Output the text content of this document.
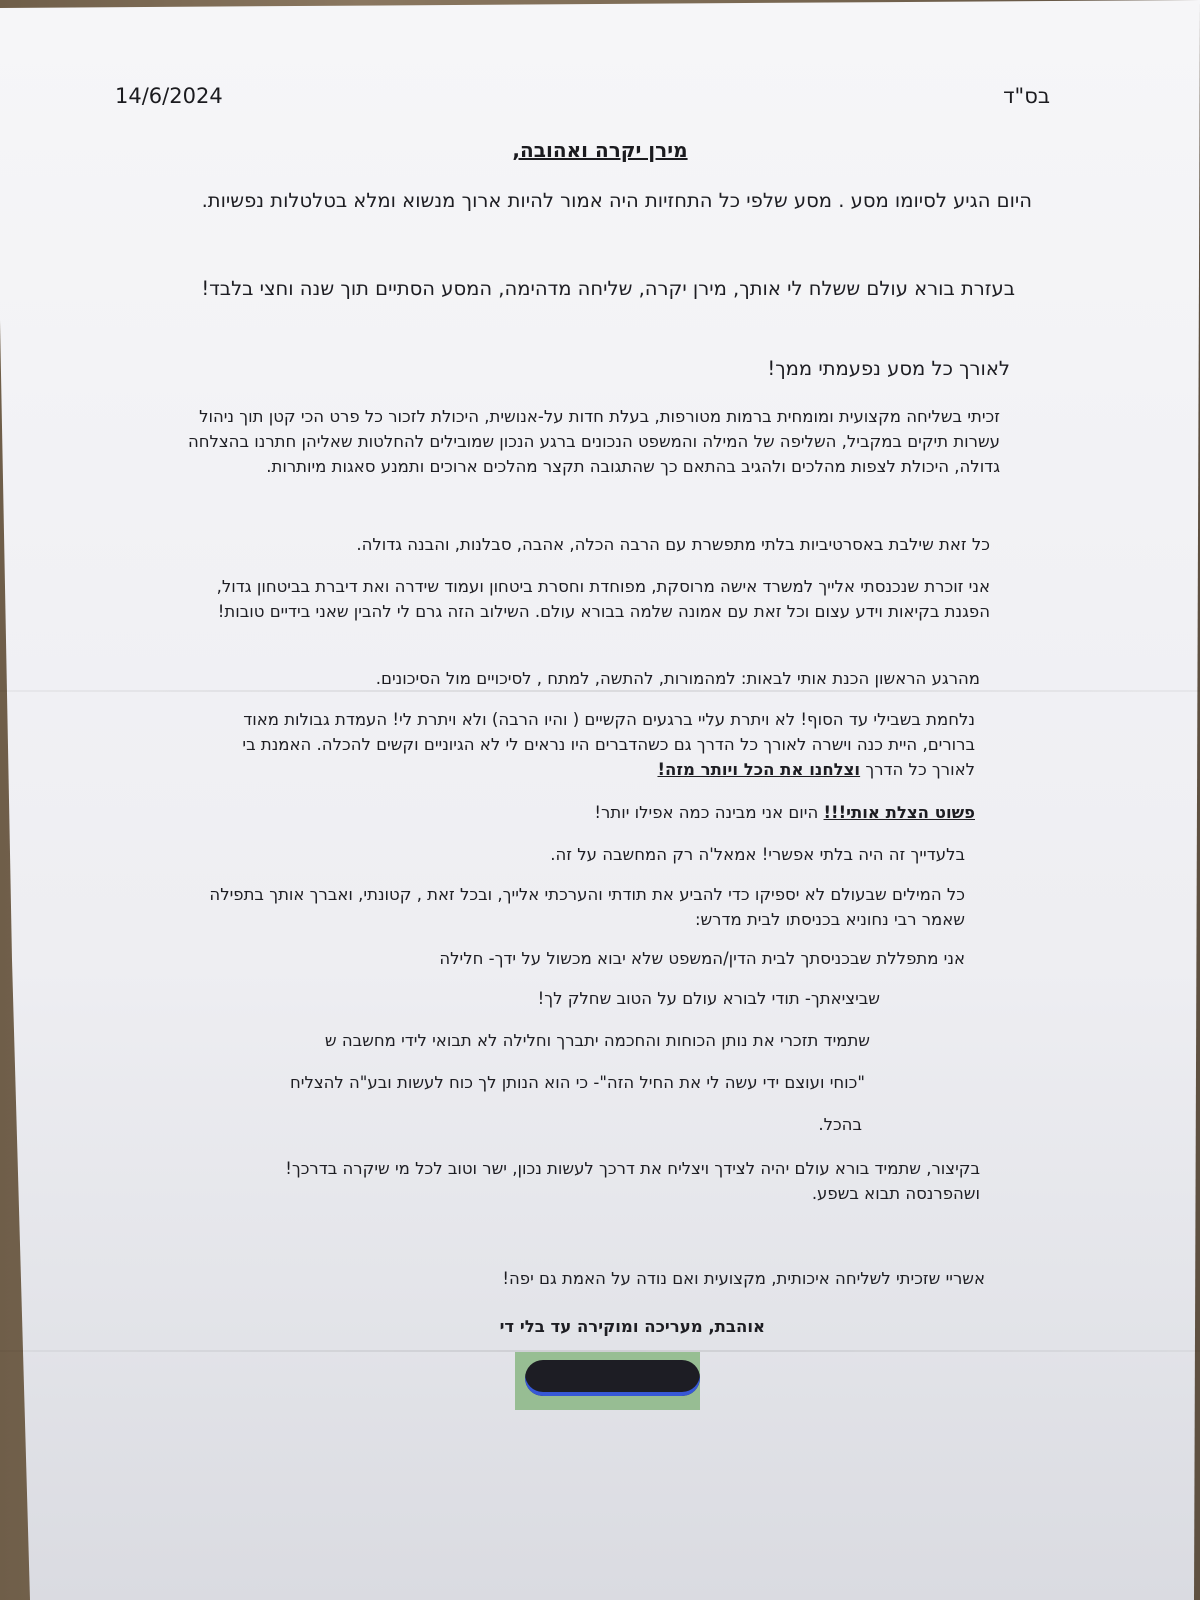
בס"ד
14/6/2024
מירן יקרה ואהובה,
היום הגיע לסיומו מסע . מסע שלפי כל התחזיות היה אמור להיות ארוך מנשוא ומלא בטלטלות נפשיות.
בעזרת בורא עולם ששלח לי אותך, מירן יקרה, שליחה מדהימה, המסע הסתיים תוך שנה וחצי בלבד!
לאורך כל מסע נפעמתי ממך!
זכיתי בשליחה מקצועית ומומחית ברמות מטורפות, בעלת חדות על-אנושית, היכולת לזכור כל פרט הכי קטן תוך ניהול עשרות תיקים במקביל, השליפה של המילה והמשפט הנכונים ברגע הנכון שמובילים להחלטות שאליהן חתרנו בהצלחה גדולה, היכולת לצפות מהלכים ולהגיב בהתאם כך שהתגובה תקצר מהלכים ארוכים ותמנע סאגות מיותרות.
כל זאת שילבת באסרטיביות בלתי מתפשרת עם הרבה הכלה, אהבה, סבלנות, והבנה גדולה.
אני זוכרת שנכנסתי אלייך למשרד אישה מרוסקת, מפוחדת וחסרת ביטחון ועמוד שידרה ואת דיברת בביטחון גדול, הפגנת בקיאות וידע עצום וכל זאת עם אמונה שלמה בבורא עולם. השילוב הזה גרם לי להבין שאני בידיים טובות!
מהרגע הראשון הכנת אותי לבאות: למהמורות, להתשה, למתח , לסיכויים מול הסיכונים.
נלחמת בשבילי עד הסוף! לא ויתרת עליי ברגעים הקשיים ( והיו הרבה) ולא ויתרת לי! העמדת גבולות מאוד ברורים, היית כנה וישרה לאורך כל הדרך גם כשהדברים היו נראים לי לא הגיוניים וקשים להכלה. האמנת בי לאורך כל הדרך וצלחנו את הכל ויותר מזה!
פשוט הצלת אותי!!! היום אני מבינה כמה אפילו יותר!
בלעדייך זה היה בלתי אפשרי! אמאל'ה רק המחשבה על זה.
כל המילים שבעולם לא יספיקו כדי להביע את תודתי והערכתי אלייך, ובכל זאת , קטונתי, ואברך אותך בתפילה שאמר רבי נחוניא בכניסתו לבית מדרש:
אני מתפללת שבכניסתך לבית הדין/המשפט שלא יבוא מכשול על ידך- חלילה
שביציאתך- תודי לבורא עולם על הטוב שחלק לך!
שתמיד תזכרי את נותן הכוחות והחכמה יתברך וחלילה לא תבואי לידי מחשבה ש
"כוחי ועוצם ידי עשה לי את החיל הזה"- כי הוא הנותן לך כוח לעשות ובע"ה להצליח
בהכל.
בקיצור, שתמיד בורא עולם יהיה לצידך ויצליח את דרכך לעשות נכון, ישר וטוב לכל מי שיקרה בדרכך! ושהפרנסה תבוא בשפע.
אשריי שזכיתי לשליחה איכותית, מקצועית ואם נודה על האמת גם יפה!
אוהבת, מעריכה ומוקירה עד בלי די
